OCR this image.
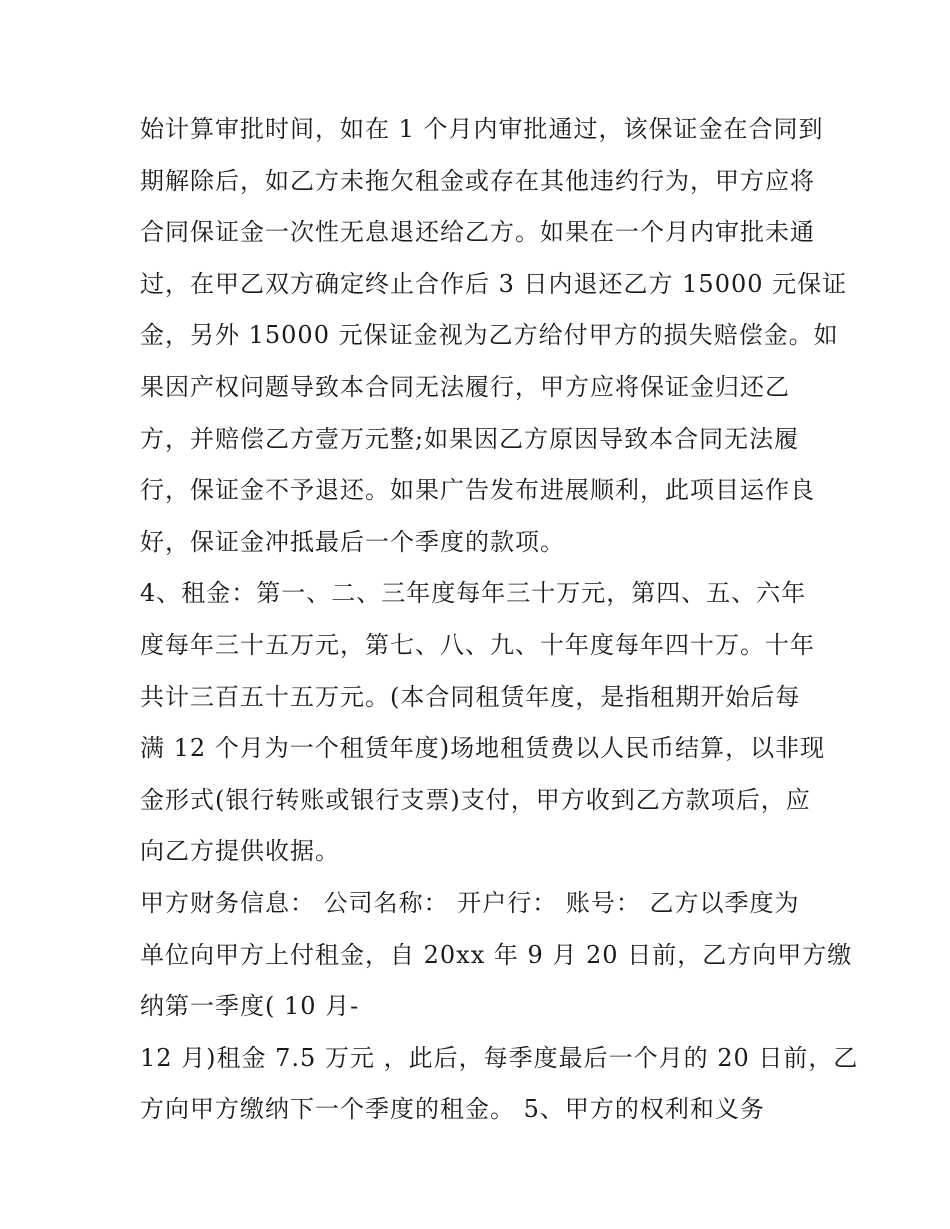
始计算审批时间，如在 1 个月内审批通过，该保证金在合同到
期解除后，如乙方未拖欠租金或存在其他违约行为，甲方应将
合同保证金一次性无息退还给乙方。如果在一个月内审批未通
过，在甲乙双方确定终止合作后 3 日内退还乙方 15000 元保证
金，另外 15000 元保证金视为乙方给付甲方的损失赔偿金。如
果因产权问题导致本合同无法履行，甲方应将保证金归还乙
方，并赔偿乙方壹万元整;如果因乙方原因导致本合同无法履
行，保证金不予退还。如果广告发布进展顺利，此项目运作良
好，保证金冲抵最后一个季度的款项。
4、租金：第一、二、三年度每年三十万元，第四、五、六年
度每年三十五万元，第七、八、九、十年度每年四十万。十年
共计三百五十五万元。(本合同租赁年度，是指租期开始后每
满 12 个月为一个租赁年度)场地租赁费以人民币结算，以非现
金形式(银行转账或银行支票)支付，甲方收到乙方款项后，应
向乙方提供收据。
甲方财务信息： 公司名称： 开户行： 账号： 乙方以季度为
单位向甲方上付租金，自 20xx 年 9 月 20 日前，乙方向甲方缴
纳第一季度( 10 月-
12 月)租金 7.5 万元 ，此后，每季度最后一个月的 20 日前，乙
方向甲方缴纳下一个季度的租金。 5、甲方的权利和义务
